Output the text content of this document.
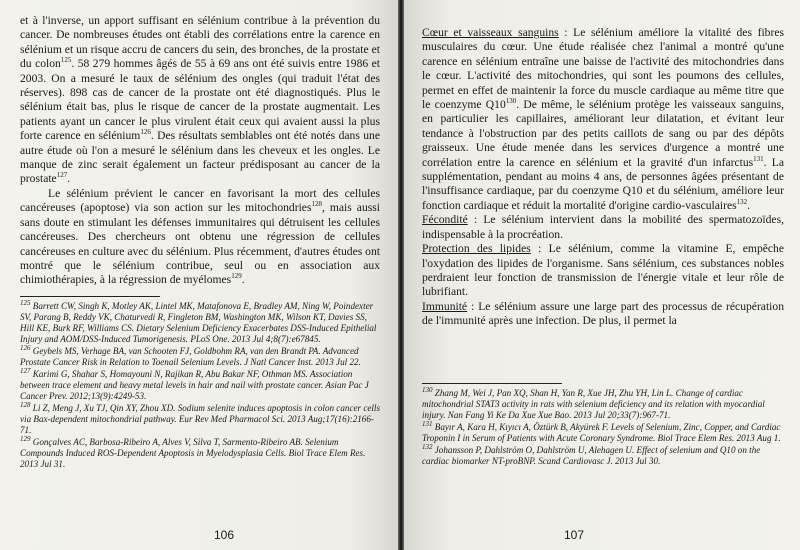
et à l'inverse, un apport suffisant en sélénium contribue à la prévention du cancer. De nombreuses études ont établi des corrélations entre la carence en sélénium et un risque accru de cancers du sein, des bronches, de la prostate et du colon$^{125}$. 58 279 hommes âgés de 55 à 69 ans ont été suivis entre 1986 et 2003. On a mesuré le taux de sélénium des ongles (qui traduit l'état des réserves). 898 cas de cancer de la prostate ont été diagnostiqués. Plus le sélénium était bas, plus le risque de cancer de la prostate augmentait. Les patients ayant un cancer le plus virulent était ceux qui avaient aussi la plus forte carence en sélénium$^{126}$. Des résultats semblables ont été notés dans une autre étude où l'on a mesuré le sélénium dans les cheveux et les ongles. Le manque de zinc serait également un facteur prédisposant au cancer de la prostate$^{127}$.

Le sélénium prévient le cancer en favorisant la mort des cellules cancéreuses (apoptose) via son action sur les mitochondries$^{128}$, mais aussi sans doute en stimulant les défenses immunitaires qui détruisent les cellules cancéreuses. Des chercheurs ont obtenu une régression de cellules cancéreuses en culture avec du sélénium. Plus récemment, d'autres études ont montré que le sélénium contribue, seul ou en association aux chimiothérapies, à la régression de myélomes$^{129}$.

$^{125}$ Barrett CW, Singh K, Motley AK, Lintel MK, Matafonova E, Bradley AM, Ning W, Poindexter SV, Parang B, Reddy VK, Chaturvedi R, Fingleton BM, Washington MK, Wilson KT, Davies SS, Hill KE, Burk RF, Williams CS. Dietary Selenium Deficiency Exacerbates DSS-Induced Epithelial Injury and AOM/DSS-Induced Tumorigenesis. PLoS One. 2013 Jul 4;8(7):e67845.
$^{126}$ Geybels MS, Verhage BA, van Schooten FJ, Goldbohm RA, van den Brandt PA. Advanced Prostate Cancer Risk in Relation to Toenail Selenium Levels. J Natl Cancer Inst. 2013 Jul 22.
$^{127}$ Karimi G, Shahar S, Homayouni N, Rajikan R, Abu Bakar NF, Othman MS. Association between trace element and heavy metal levels in hair and nail with prostate cancer. Asian Pac J Cancer Prev. 2012;13(9):4249-53.
$^{128}$ Li Z, Meng J, Xu TJ, Qin XY, Zhou XD. Sodium selenite induces apoptosis in colon cancer cells via Bax-dependent mitochondrial pathway. Eur Rev Med Pharmacol Sci. 2013 Aug;17(16):2166-71.
$^{129}$ Gonçalves AC, Barbosa-Ribeiro A, Alves V, Silva T, Sarmento-Ribeiro AB. Selenium Compounds Induced ROS-Dependent Apoptosis in Myelodysplasia Cells. Biol Trace Elem Res. 2013 Jul 31.
106

Cœur et vaisseaux sanguins : Le sélénium améliore la vitalité des fibres musculaires du cœur. Une étude réalisée chez l'animal a montré qu'une carence en sélénium entraîne une baisse de l'activité des mitochondries dans le cœur. L'activité des mitochondries, qui sont les poumons des cellules, permet en effet de maintenir la force du muscle cardiaque au même titre que le coenzyme $Q10^{130}$. De même, le sélénium protège les vaisseaux sanguins, en particulier les capillaires, améliorant leur dilatation, et évitant leur tendance à l'obstruction par des petits caillots de sang ou par des dépôts graisseux. Une étude menée dans les services d'urgence a montré une corrélation entre la carence en sélénium et la gravité d'un infarctus$^{131}$. La supplémentation, pendant au moins 4 ans, de personnes âgées présentant de l'insuffisance cardiaque, par du coenzyme Q10 et du sélénium, améliore leur fonction cardiaque et réduit la mortalité d'origine cardio-vasculaires$^{132}$.

Fécondité : Le sélénium intervient dans la mobilité des spermatozoïdes, indispensable à la procréation.

Protection des lipides : Le sélénium, comme la vitamine E, empêche l'oxydation des lipides de l'organisme. Sans sélénium, ces substances nobles perdraient leur fonction de transmission de l'énergie vitale et leur rôle de lubrifiant.

Immunité : Le sélénium assure une large part des processus de récupération de l'immunité après une infection. De plus, il permet la

$^{130}$ Zhang M, Wei J, Pan XQ, Shan H, Yan R, Xue JH, Zhu YH, Lin L. Change of cardiac mitochondrial STAT3 activity in rats with selenium deficiency and its relation with myocardial injury. Nan Fang Yi Ke Da Xue Xue Bao. 2013 Jul 20;33(7):967-71.
$^{131}$ Bayır A, Kara H, Kıyıcı A, Öztürk B, Akyürek F. Levels of Selenium, Zinc, Copper, and Cardiac Troponin I in Serum of Patients with Acute Coronary Syndrome. Biol Trace Elem Res. 2013 Aug 1.
$^{132}$ Johansson P, Dahlström O, Dahlström U, Alehagen U. Effect of selenium and Q10 on the cardiac biomarker NT-proBNP. Scand Cardiovasc J. 2013 Jul 30.
107
